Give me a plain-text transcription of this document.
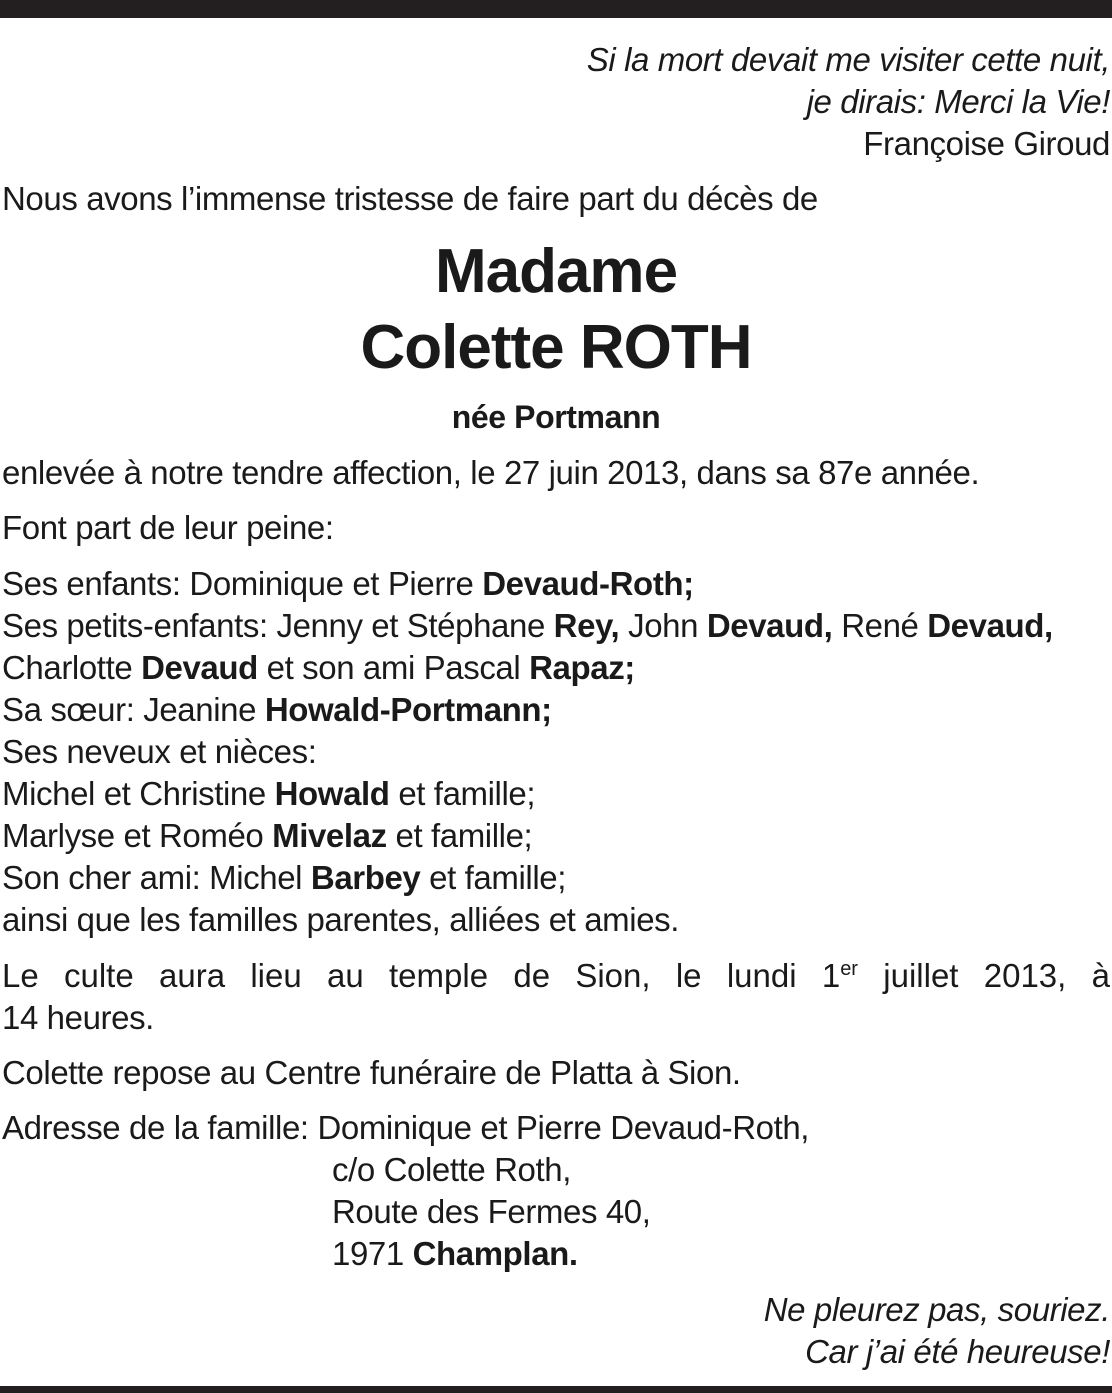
Si la mort devait me visiter cette nuit,
je dirais: Merci la Vie!
Françoise Giroud
Nous avons l’immense tristesse de faire part du décès de
Madame
Colette ROTH
née Portmann
enlevée à notre tendre affection, le 27 juin 2013, dans sa 87e année.
Font part de leur peine:
Ses enfants: Dominique et Pierre Devaud-Roth;
Ses petits-enfants: Jenny et Stéphane Rey, John Devaud, René Devaud,
Charlotte Devaud et son ami Pascal Rapaz;
Sa sœur: Jeanine Howald-Portmann;
Ses neveux et nièces:
Michel et Christine Howald et famille;
Marlyse et Roméo Mivelaz et famille;
Son cher ami: Michel Barbey et famille;
ainsi que les familles parentes, alliées et amies.
Le culte aura lieu au temple de Sion, le lundi 1er juillet 2013, à
14 heures.
Colette repose au Centre funéraire de Platta à Sion.
Adresse de la famille: Dominique et Pierre Devaud-Roth,
c/o Colette Roth,
Route des Fermes 40,
1971 Champlan.
Ne pleurez pas, souriez.
Car j’ai été heureuse!
